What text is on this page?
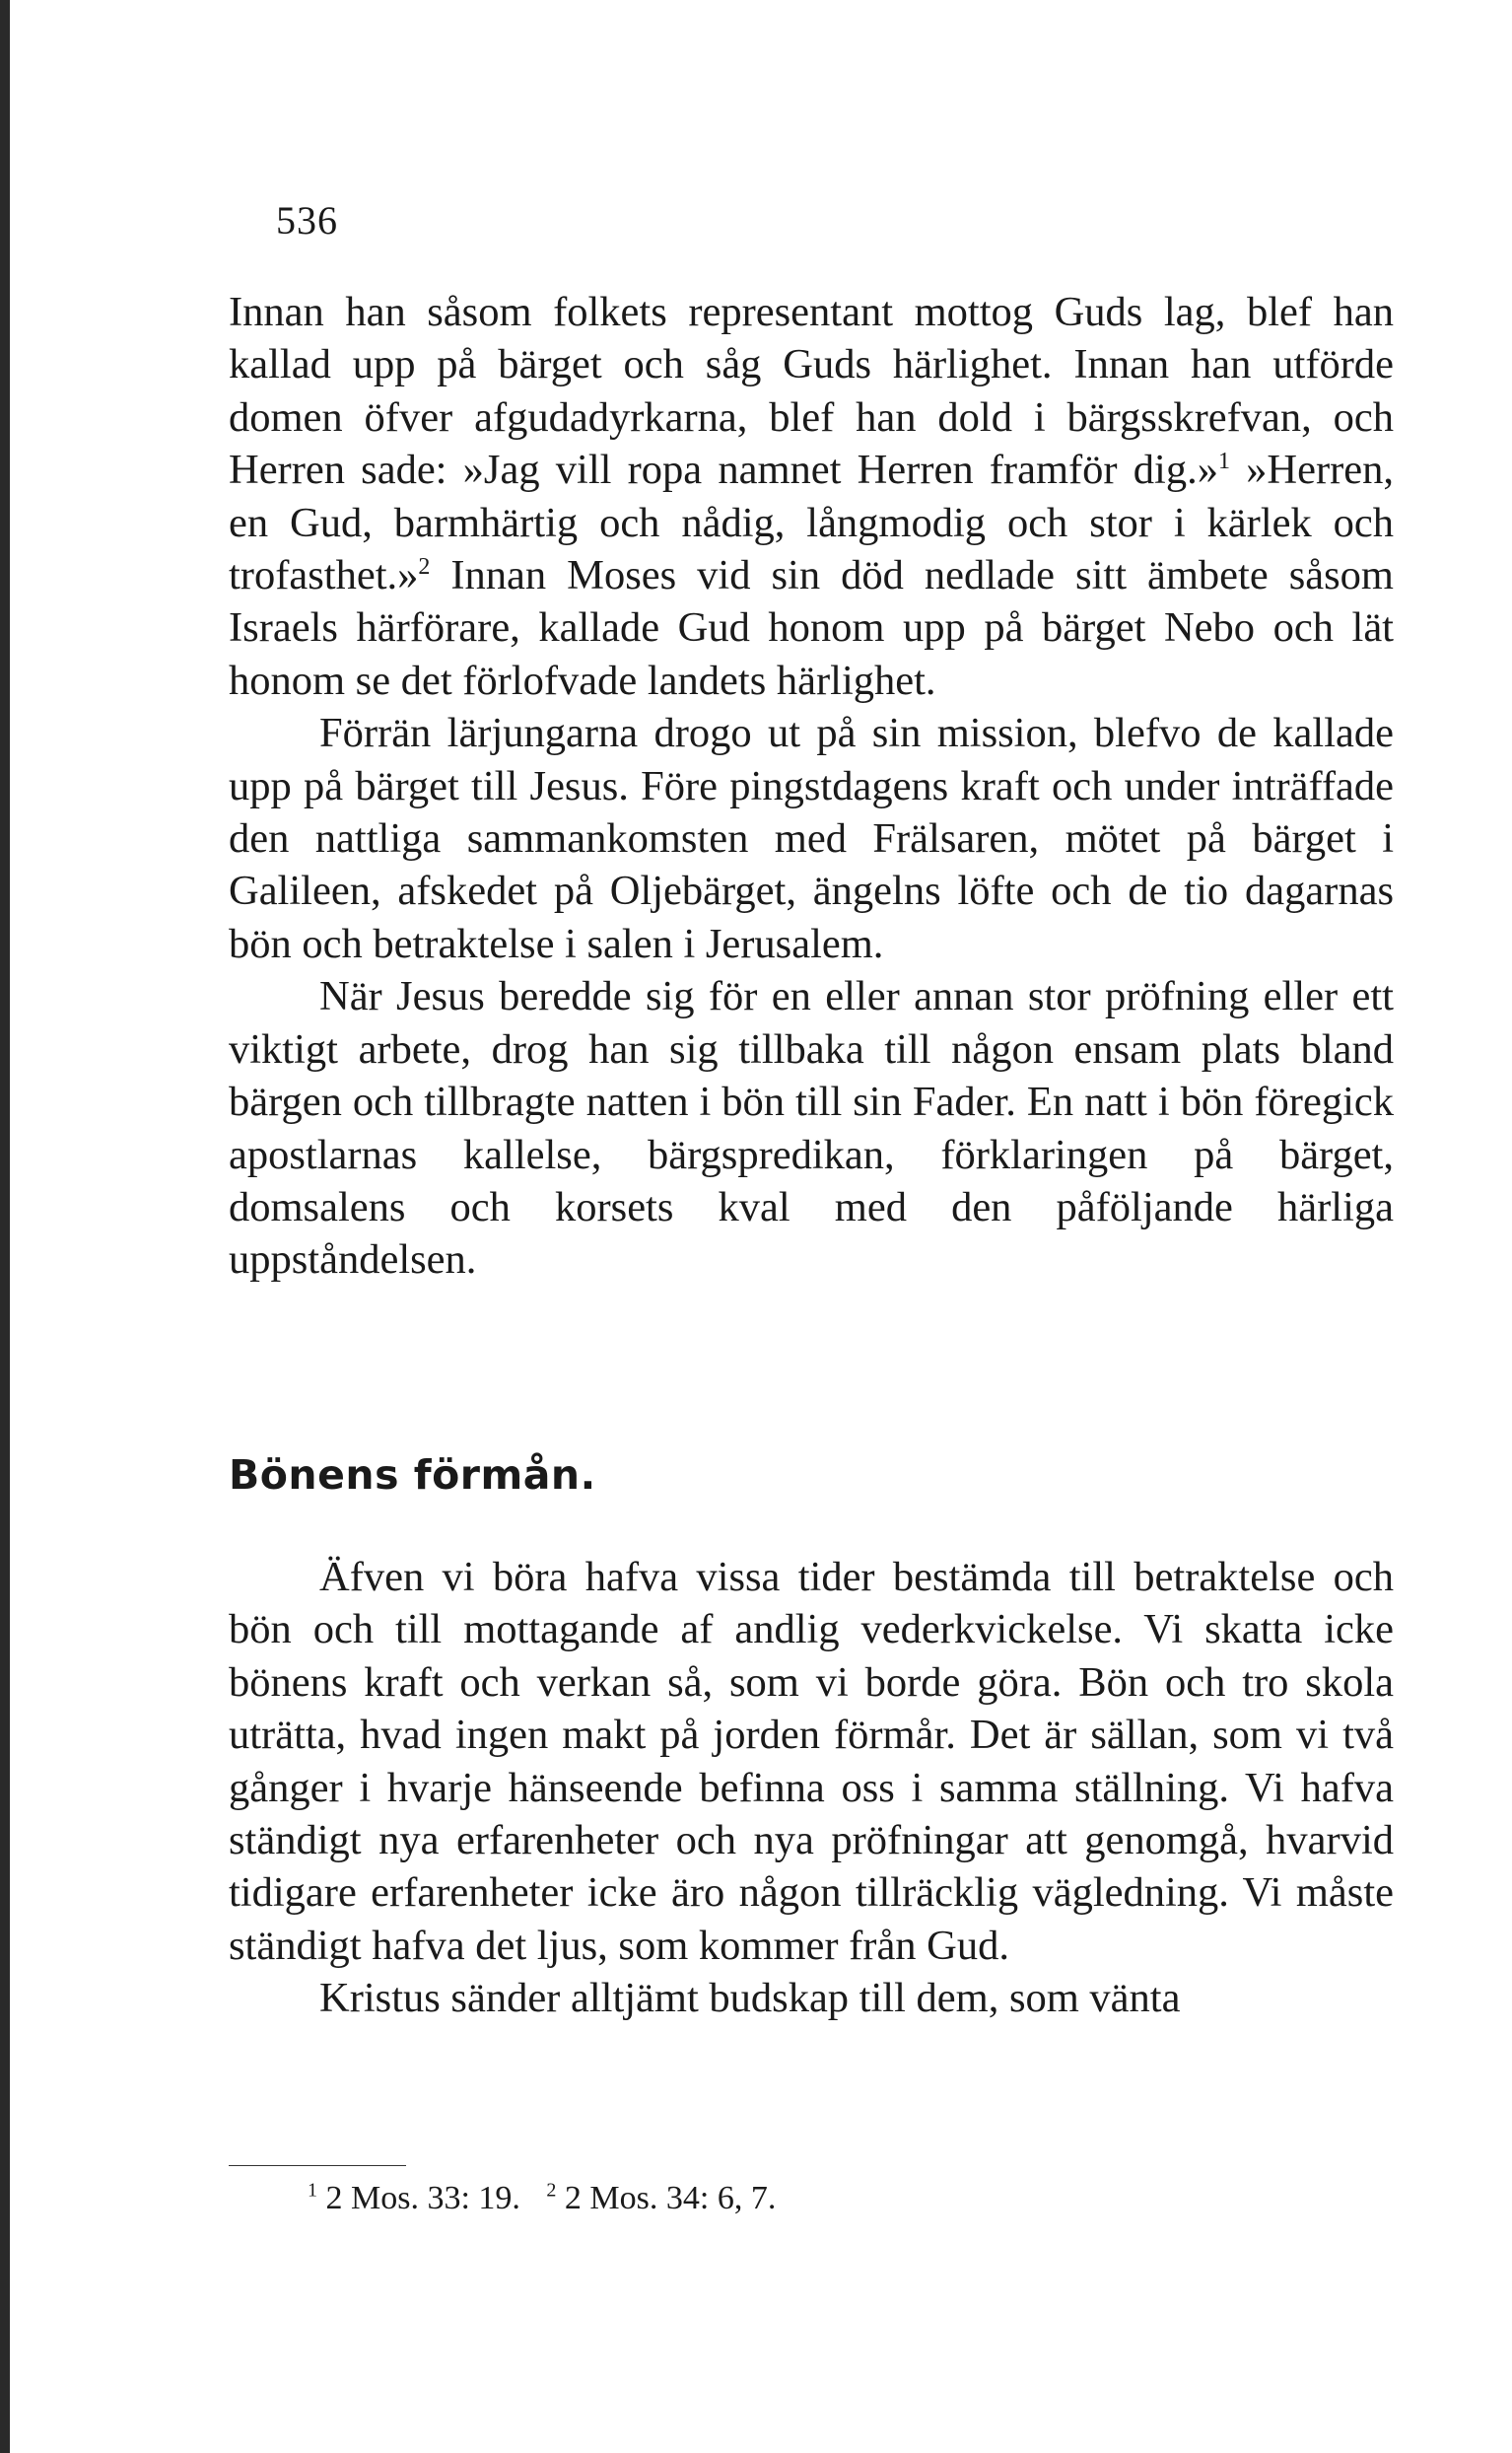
536

Innan han såsom folkets representant mottog Guds lag, blef han kallad upp på bärget och såg Guds härlighet. Innan han utförde domen öfver afgudadyrkarna, blef han dold i bärgsskrefvan, och Herren sade: »Jag vill ropa namnet Herren framför dig.»$^1$ »Herren, en Gud, barmhärtig och nådig, långmodig och stor i kärlek och trofasthet.»$^2$ Innan Moses vid sin död nedlade sitt ämbete såsom Israels härförare, kallade Gud honom upp på bärget Nebo och lät honom se det förlofvade landets härlighet.

Förrän lärjungarna drogo ut på sin mission, blefvo de kallade upp på bärget till Jesus. Före pingstdagens kraft och under inträffade den nattliga sammankomsten med Frälsaren, mötet på bärget i Galileen, afskedet på Oljebärget, ängelns löfte och de tio dagarnas bön och betraktelse i salen i Jerusalem.

När Jesus beredde sig för en eller annan stor pröfning eller ett viktigt arbete, drog han sig tillbaka till någon ensam plats bland bärgen och tillbragte natten i bön till sin Fader. En natt i bön föregick apostlarnas kallelse, bärgspredikan, förklaringen på bärget, domsalens och korsets kval med den påföljande härliga uppståndelsen.

Bönens förmån.

Äfven vi böra hafva vissa tider bestämda till betraktelse och bön och till mottagande af andlig vederkvickelse. Vi skatta icke bönens kraft och verkan så, som vi borde göra. Bön och tro skola uträtta, hvad ingen makt på jorden förmår. Det är sällan, som vi två gånger i hvarje hänseende befinna oss i samma ställning. Vi hafva ständigt nya erfarenheter och nya pröfningar att genomgå, hvarvid tidigare erfarenheter icke äro någon tillräcklig vägledning. Vi måste ständigt hafva det ljus, som kommer från Gud.

Kristus sänder alltjämt budskap till dem, som vänta

$^1$ 2 Mos. 33: 19. $^2$ 2 Mos. 34: 6, 7.
